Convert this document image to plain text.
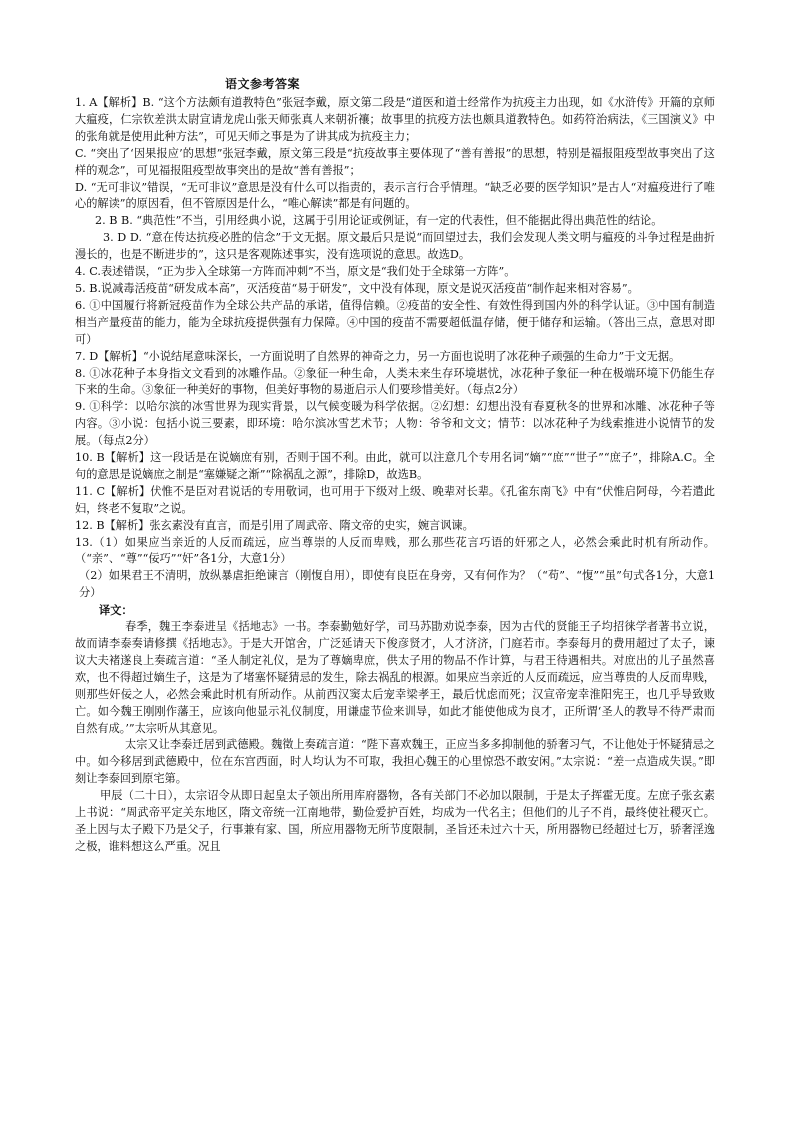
语文参考答案

1. A【解析】B. “这个方法颇有道教特色”张冠李戴，原文第二段是“道医和道士经常作为抗疫主力出现，如《水浒传》开篇的京师大瘟疫，仁宗钦差洪太尉宣请龙虎山张天师张真人来朝祈禳；故事里的抗疫方法也颇具道教特色。如药符治病法，《三国演义》中的张角就是使用此种方法”，可见天师之事是为了讲其成为抗疫主力；

C. “突出了‘因果报应’的思想”张冠李戴，原文第三段是“抗疫故事主要体现了“善有善报”的思想，特别是福报阻疫型故事突出了这样的观念”，可见福报阻疫型故事突出的是故“善有善报”；

D. “无可非议”错误，“无可非议”意思是没有什么可以指责的，表示言行合乎情理。“缺乏必要的医学知识”是古人“对瘟疫进行了唯心的解读”的原因看，但不管原因是什么，“唯心解读”都是有问题的。

2. B B. “典范性”不当，引用经典小说，这属于引用论证或例证，有一定的代表性，但不能据此得出典范性的结论。

3. D D. “意在传达抗疫必胜的信念”于文无据。原文最后只是说“而回望过去，我们会发现人类文明与瘟疫的斗争过程是曲折漫长的，也是不断进步的”，这只是客观陈述事实，没有选项说的意思。故选D。

4. C.表述错误，“正为步入全球第一方阵而冲刺”不当，原文是“我们处于全球第一方阵”。

5. B.说减毒活疫苗“研发成本高”，灭活疫苗“易于研发”，文中没有体现，原文是说灭活疫苗“制作起来相对容易”。

6. ①中国履行将新冠疫苗作为全球公共产品的承诺，值得信赖。②疫苗的安全性、有效性得到国内外的科学认证。③中国有制造相当产量疫苗的能力，能为全球抗疫提供强有力保障。④中国的疫苗不需要超低温存储，便于储存和运输。（答出三点，意思对即可）

7. D【解析】“小说结尾意味深长，一方面说明了自然界的神奇之力，另一方面也说明了冰花种子顽强的生命力”于文无据。

8. ①冰花种子本身指文文看到的冰雕作品。②象征一种生命，人类未来生存环境堪忧，冰花种子象征一种在极端环境下仍能生存下来的生命。③象征一种美好的事物，但美好事物的易逝启示人们要珍惜美好。（每点2分）

9. ①科学：以哈尔滨的冰雪世界为现实背景，以气候变暖为科学依据。②幻想：幻想出没有春夏秋冬的世界和冰雕、冰花种子等内容。③小说：包括小说三要素，即环境：哈尔滨冰雪艺术节；人物：爷爷和文文；情节：以冰花种子为线索推进小说情节的发展。（每点2分）

10. B【解析】这一段话是在说嫡庶有别，否则于国不利。由此，就可以注意几个专用名词“嫡”“庶”“世子”“庶子”，排除A.C。全句的意思是说嫡庶之制是“塞嫌疑之渐”“除祸乱之源”，排除D，故选B。

11. C【解析】伏惟不是臣对君说话的专用敬词，也可用于下级对上级、晚辈对长辈。《孔雀东南飞》中有“伏惟启阿母，今若遣此妇，终老不复取”之说。

12. B【解析】张玄素没有直言，而是引用了周武帝、隋文帝的史实，婉言讽谏。

13.（1）如果应当亲近的人反而疏远，应当尊崇的人反而卑贱，那么那些花言巧语的奸邪之人，必然会乘此时机有所动作。（“亲”、“尊”“佞巧”“奸”各1分，大意1分）

（2）如果君王不清明，放纵暴虐拒绝谏言（刚愎自用），即使有良臣在身旁，又有何作为？（“苟”、“愎”“虽”句式各1分，大意1分）

译文：

春季，魏王李泰进呈《括地志》一书。李泰勤勉好学，司马苏勖劝说李泰，因为古代的贤能王子均招徕学者著书立说，故而请李泰奏请修撰《括地志》。于是大开馆舍，广泛延请天下俊彦贤才，人才济济，门庭若市。李泰每月的费用超过了太子，谏议大夫褚遂良上奏疏言道：“圣人制定礼仪，是为了尊嫡卑庶，供太子用的物品不作计算，与君王待遇相共。对庶出的儿子虽然喜欢，也不得超过嫡生子，这是为了堵塞怀疑猜忌的发生，除去祸乱的根源。如果应当亲近的人反而疏远，应当尊贵的人反而卑贱，则那些奸佞之人，必然会乘此时机有所动作。从前西汉窦太后宠幸梁孝王，最后忧虑而死；汉宣帝宠幸淮阳宪王，也几乎导致败亡。如今魏王刚刚作藩王，应该向他显示礼仪制度，用谦虚节俭来训导，如此才能使他成为良才，正所谓‘圣人的教导不待严肃而自然有成。’”太宗听从其意见。

太宗又让李泰迁居到武德殿。魏徵上奏疏言道：“陛下喜欢魏王，正应当多多抑制他的骄奢习气，不让他处于怀疑猜忌之中。如今移居到武德殿中，位在东宫西面，时人均认为不可取，我担心魏王的心里惊恐不敢安闲。”太宗说：“差一点造成失误。”即刻让李泰回到原宅第。

甲辰（二十日），太宗诏令从即日起皇太子领出所用库府器物，各有关部门不必加以限制，于是太子挥霍无度。左庶子张玄素上书说：“周武帝平定关东地区，隋文帝统一江南地带，勤俭爱护百姓，均成为一代名主；但他们的儿子不肖，最终使社稷灭亡。圣上因与太子殿下乃是父子，行事兼有家、国，所应用器物无所节度限制，圣旨还未过六十天，所用器物已经超过七万，骄奢淫逸之极，谁料想这么严重。况且
